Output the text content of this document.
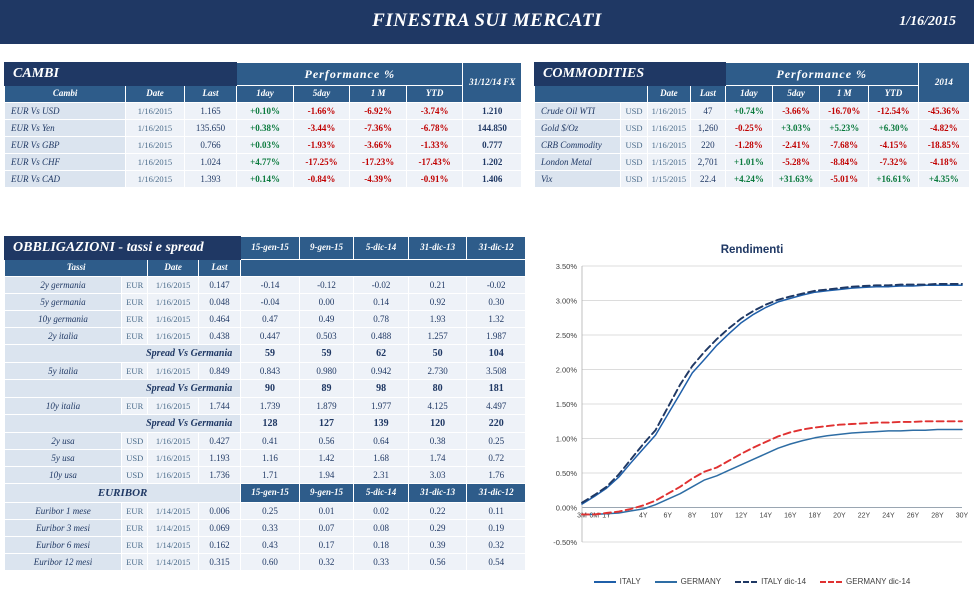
FINESTRA SUI MERCATI	1/16/2015
CAMBI			Performance %				31/12/14 FX
Cambi	Date	Last	1day	5day	1 M	YTD	
EUR Vs USD	1/16/2015	1.165	+0.10%	-1.66%	-6.92%	-3.74%	1.210
EUR Vs Yen	1/16/2015	135.650	+0.38%	-3.44%	-7.36%	-6.78%	144.850
EUR Vs GBP	1/16/2015	0.766	+0.03%	-1.93%	-3.66%	-1.33%	0.777
EUR Vs CHF	1/16/2015	1.024	+4.77%	-17.25%	-17.23%	-17.43%	1.202
EUR Vs CAD	1/16/2015	1.393	+0.14%	-0.84%	-4.39%	-0.91%	1.406
COMMODITIES				Performance %				2014
		Date	Last	1day	5day	1 M	YTD	
Crude Oil WTI	USD	1/16/2015	47	+0.74%	-3.66%	-16.70%	-12.54%	-45.36%
Gold $/Oz	USD	1/16/2015	1,260	-0.25%	+3.03%	+5.23%	+6.30%	-4.82%
CRB Commodity	USD	1/16/2015	220	-1.28%	-2.41%	-7.68%	-4.15%	-18.85%
London Metal	USD	1/15/2015	2,701	+1.01%	-5.28%	-8.84%	-7.32%	-4.18%
Vix	USD	1/15/2015	22.4	+4.24%	+31.63%	-5.01%	+16.61%	+4.35%
OBBLIGAZIONI - tassi e spread				15-gen-15	9-gen-15	5-dic-14	31-dic-13	31-dic-12
Tassi		Date	Last					
2y germania	EUR	1/16/2015	0.147	-0.14	-0.12	-0.02	0.21	-0.02
5y germania	EUR	1/16/2015	0.048	-0.04	0.00	0.14	0.92	0.30
10y germania	EUR	1/16/2015	0.464	0.47	0.49	0.78	1.93	1.32
2y italia	EUR	1/16/2015	0.438	0.447	0.503	0.488	1.257	1.987
Spread Vs Germania				59	59	62	50	104
5y italia	EUR	1/16/2015	0.849	0.843	0.980	0.942	2.730	3.508
Spread Vs Germania				90	89	98	80	181
10y italia	EUR	1/16/2015	1.744	1.739	1.879	1.977	4.125	4.497
Spread Vs Germania				128	127	139	120	220
2y usa	USD	1/16/2015	0.427	0.41	0.56	0.64	0.38	0.25
5y usa	USD	1/16/2015	1.193	1.16	1.42	1.68	1.74	0.72
10y usa	USD	1/16/2015	1.736	1.71	1.94	2.31	3.03	1.76
EURIBOR				15-gen-15	9-gen-15	5-dic-14	31-dic-13	31-dic-12
Euribor 1 mese	EUR	1/14/2015	0.006	0.25	0.01	0.02	0.22	0.11
Euribor 3 mesi	EUR	1/14/2015	0.069	0.33	0.07	0.08	0.29	0.19
Euribor 6 mesi	EUR	1/14/2015	0.162	0.43	0.17	0.18	0.39	0.32
Euribor 12 mesi	EUR	1/14/2015	0.315	0.60	0.32	0.33	0.56	0.54
Rendimenti
-0.50%
0.00%
0.50%
1.00%
1.50%
2.00%
2.50%
3.00%
3.50%
3M 6M 1Y	4Y 6Y 8Y 10Y 12Y 14Y 16Y 18Y 20Y 22Y 24Y 26Y 28Y 30Y
ITALY	GERMANY	ITALY dic-14	GERMANY dic-14
